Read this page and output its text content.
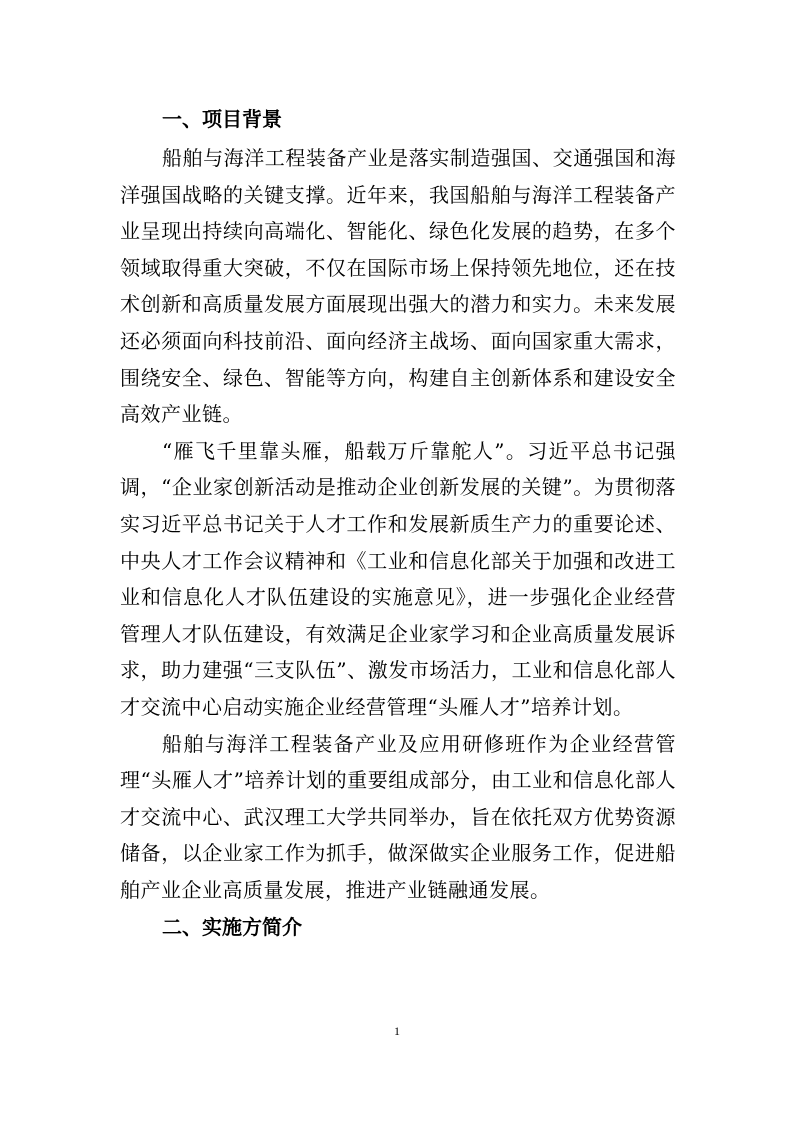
一、项目背景

船舶与海洋工程装备产业是落实制造强国、交通强国和海洋强国战略的关键支撑。近年来，我国船舶与海洋工程装备产业呈现出持续向高端化、智能化、绿色化发展的趋势，在多个领域取得重大突破，不仅在国际市场上保持领先地位，还在技术创新和高质量发展方面展现出强大的潜力和实力。未来发展还必须面向科技前沿、面向经济主战场、面向国家重大需求，围绕安全、绿色、智能等方向，构建自主创新体系和建设安全高效产业链。

“雁飞千里靠头雁，船载万斤靠舵人”。习近平总书记强调，“企业家创新活动是推动企业创新发展的关键”。为贯彻落实习近平总书记关于人才工作和发展新质生产力的重要论述、中央人才工作会议精神和《工业和信息化部关于加强和改进工业和信息化人才队伍建设的实施意见》，进一步强化企业经营管理人才队伍建设，有效满足企业家学习和企业高质量发展诉求，助力建强“三支队伍”、激发市场活力，工业和信息化部人才交流中心启动实施企业经营管理“头雁人才”培养计划。

船舶与海洋工程装备产业及应用研修班作为企业经营管理“头雁人才”培养计划的重要组成部分，由工业和信息化部人才交流中心、武汉理工大学共同举办，旨在依托双方优势资源储备，以企业家工作为抓手，做深做实企业服务工作，促进船舶产业企业高质量发展，推进产业链融通发展。

二、实施方简介
1
